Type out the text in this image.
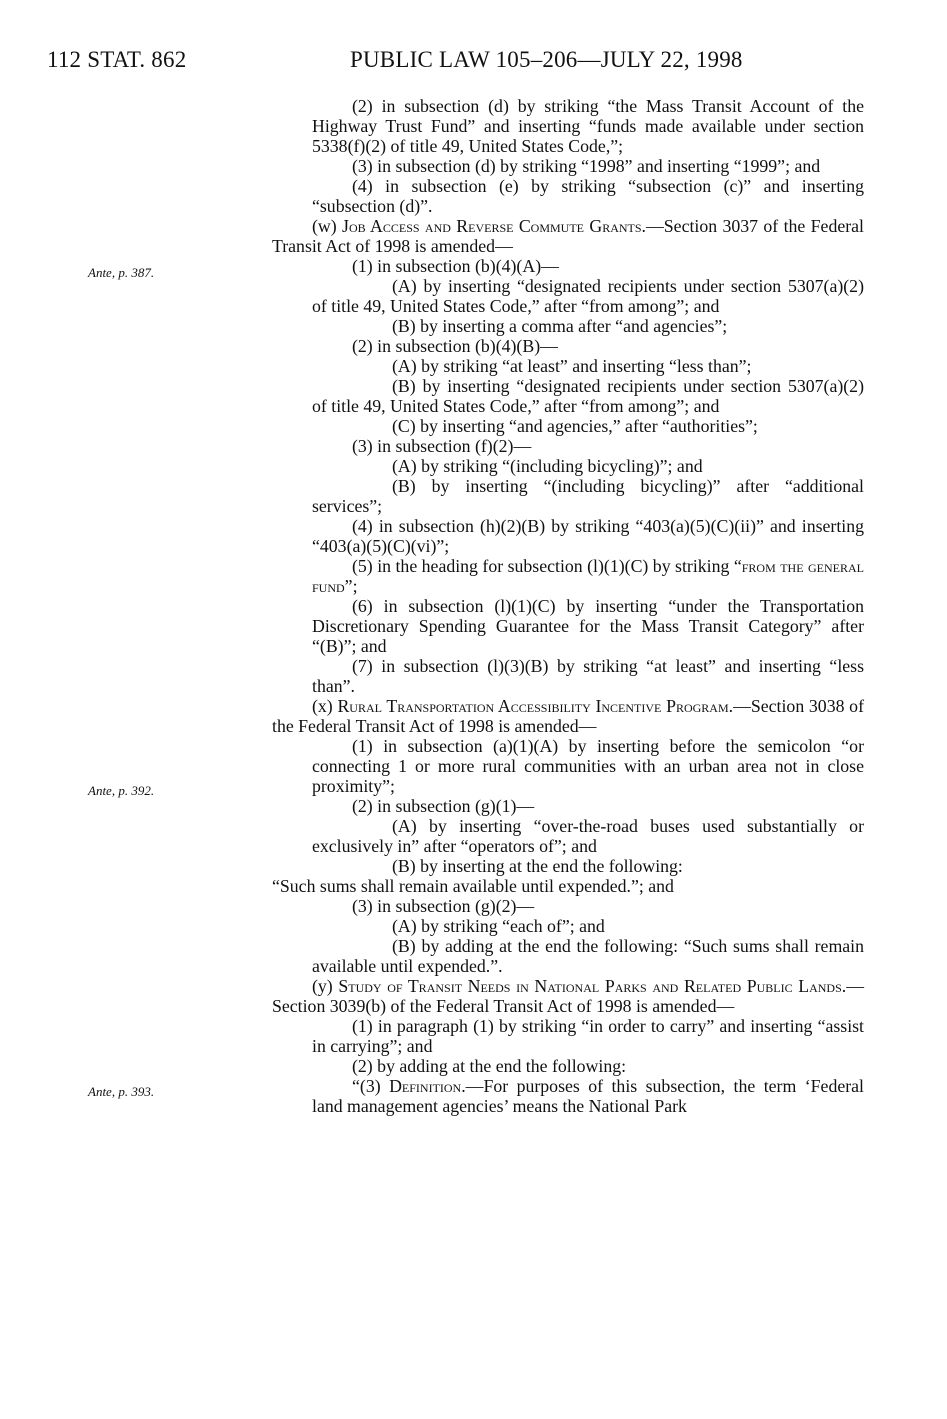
112 STAT. 862	PUBLIC LAW 105–206—JULY 22, 1998
Ante, p. 387.
Ante, p. 392.
Ante, p. 393.

(2) in subsection (d) by striking “the Mass Transit Account of the Highway Trust Fund” and inserting “funds made available under section 5338(f)(2) of title 49, United States Code,”;

(3) in subsection (d) by striking “1998” and inserting “1999”; and

(4) in subsection (e) by striking “subsection (c)” and inserting “subsection (d)”.

(w) Job Access and Reverse Commute Grants.—Section 3037 of the Federal Transit Act of 1998 is amended—

(1) in subsection (b)(4)(A)—

(A) by inserting “designated recipients under section 5307(a)(2) of title 49, United States Code,” after “from among”; and

(B) by inserting a comma after “and agencies”;

(2) in subsection (b)(4)(B)—

(A) by striking “at least” and inserting “less than”;

(B) by inserting “designated recipients under section 5307(a)(2) of title 49, United States Code,” after “from among”; and

(C) by inserting “and agencies,” after “authorities”;

(3) in subsection (f)(2)—

(A) by striking “(including bicycling)”; and

(B) by inserting “(including bicycling)” after “additional services”;

(4) in subsection (h)(2)(B) by striking “403(a)(5)(C)(ii)” and inserting “403(a)(5)(C)(vi)”;

(5) in the heading for subsection (l)(1)(C) by striking “from the general fund”;

(6) in subsection (l)(1)(C) by inserting “under the Transportation Discretionary Spending Guarantee for the Mass Transit Category” after “(B)”; and

(7) in subsection (l)(3)(B) by striking “at least” and inserting “less than”.

(x) Rural Transportation Accessibility Incentive Program.—Section 3038 of the Federal Transit Act of 1998 is amended—

(1) in subsection (a)(1)(A) by inserting before the semicolon “or connecting 1 or more rural communities with an urban area not in close proximity”;

(2) in subsection (g)(1)—

(A) by inserting “over-the-road buses used substantially or exclusively in” after “operators of”; and

(B) by inserting at the end the following:

“Such sums shall remain available until expended.”; and

(3) in subsection (g)(2)—

(A) by striking “each of”; and

(B) by adding at the end the following: “Such sums shall remain available until expended.”.

(y) Study of Transit Needs in National Parks and Related Public Lands.—Section 3039(b) of the Federal Transit Act of 1998 is amended—

(1) in paragraph (1) by striking “in order to carry” and inserting “assist in carrying”; and

(2) by adding at the end the following:

“(3) Definition.—For purposes of this subsection, the term ‘Federal land management agencies’ means the National Park
